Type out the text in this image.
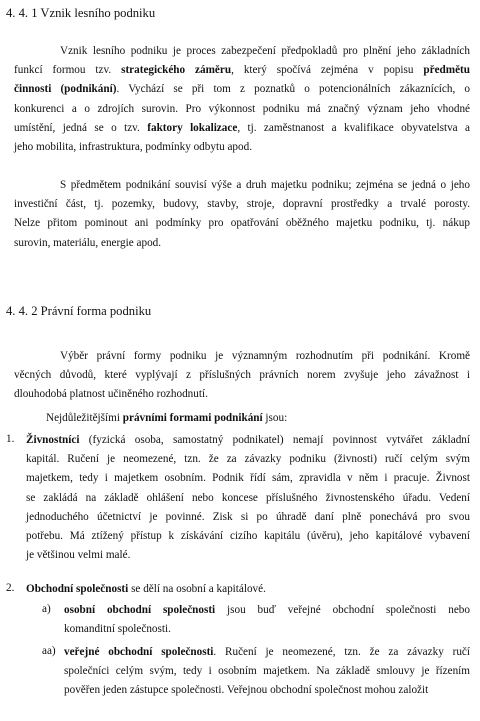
4. 4. 1 Vznik lesního podniku
Vznik lesního podniku je proces zabezpečení předpokladů pro plnění jeho základních
funkcí formou tzv. strategického záměru, který spočívá zejména v popisu předmětu
činnosti (podnikání). Vychází se při tom z poznatků o potencionálních zákaznících, o
konkurenci a o zdrojích surovin. Pro výkonnost podniku má značný význam jeho vhodné
umístění, jedná se o tzv. faktory lokalizace, tj. zaměstnanost a kvalifikace obyvatelstva a
jeho mobilita, infrastruktura, podmínky odbytu apod.
S předmětem podnikání souvisí výše a druh majetku podniku; zejména se jedná o jeho
investiční část, tj. pozemky, budovy, stavby, stroje, dopravní prostředky a trvalé porosty.
Nelze přitom pominout ani podmínky pro opatřování oběžného majetku podniku, tj. nákup
surovin, materiálu, energie apod.
4. 4. 2 Právní forma podniku
Výběr právní formy podniku je významným rozhodnutím při podnikání. Kromě
věcných důvodů, které vyplývají z příslušných právních norem zvyšuje jeho závažnost i
dlouhodobá platnost učiněného rozhodnutí.
Nejdůležitějšími právními formami podnikání jsou:
1. Živnostníci (fyzická osoba, samostatný podnikatel) nemají povinnost vytvářet základní
kapitál. Ručení je neomezené, tzn. že za závazky podniku (živnosti) ručí celým svým
majetkem, tedy i majetkem osobním. Podnik řídí sám, zpravidla v něm i pracuje. Živnost
se zakládá na základě ohlášení nebo koncese příslušného živnostenského úřadu. Vedení
jednoduchého účetnictví je povinné. Zisk si po úhradě daní plně ponechává pro svou
potřebu. Má ztížený přístup k získávání cizího kapitálu (úvěru), jeho kapitálové vybavení
je většinou velmi malé.
2. Obchodní společnosti se dělí na osobní a kapitálové.
a) osobní obchodní společnosti jsou buď veřejné obchodní společnosti nebo
komanditní společnosti.
aa) veřejné obchodní společnosti. Ručení je neomezené, tzn. že za závazky ručí
společníci celým svým, tedy i osobním majetkem. Na základě smlouvy je řízením
pověřen jeden zástupce společnosti. Veřejnou obchodní společnost mohou založit
